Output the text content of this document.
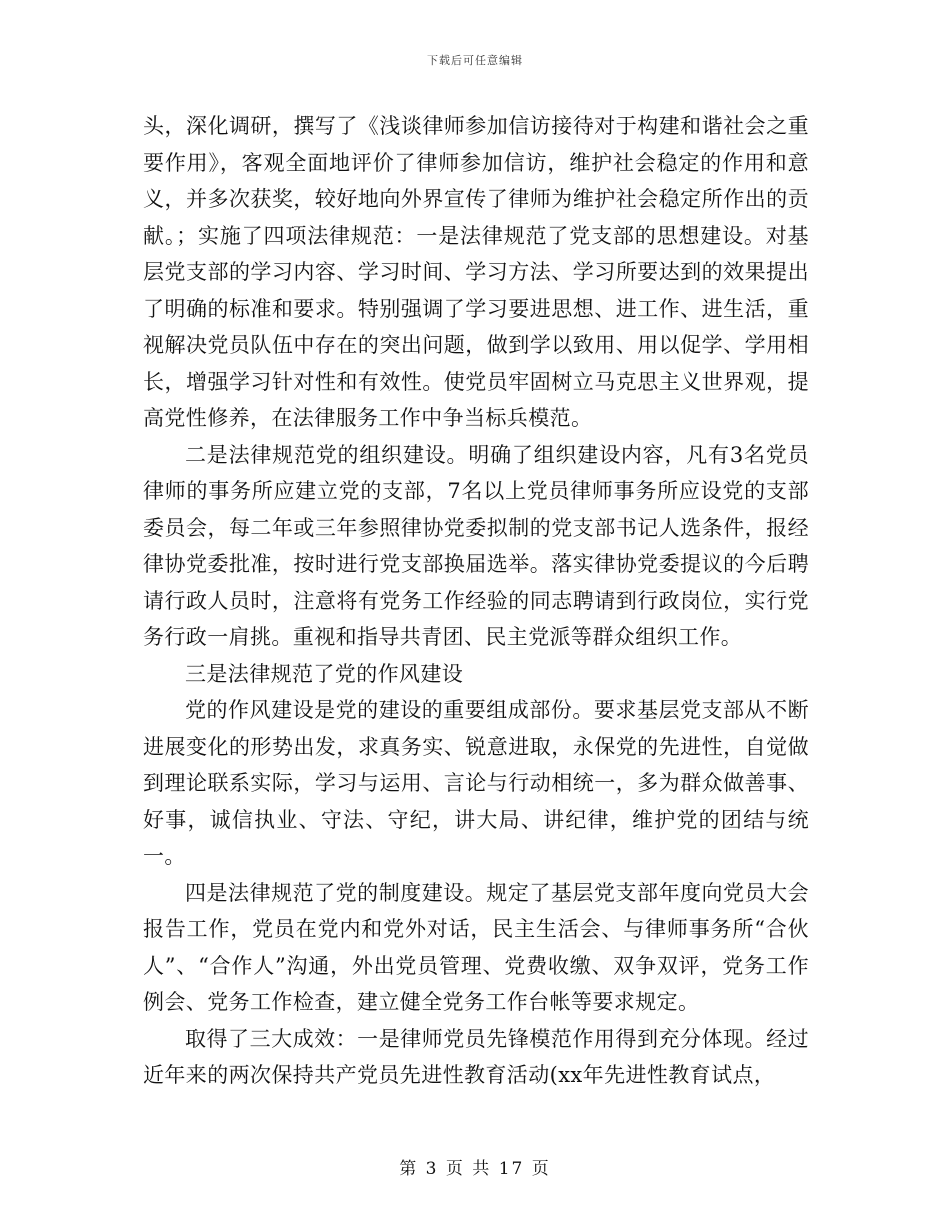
下载后可任意编辑

头，深化调研，撰写了《浅谈律师参加信访接待对于构建和谐社会之重要作用》，客观全面地评价了律师参加信访，维护社会稳定的作用和意义，并多次获奖，较好地向外界宣传了律师为维护社会稳定所作出的贡献。；实施了四项法律规范：一是法律规范了党支部的思想建设。对基层党支部的学习内容、学习时间、学习方法、学习所要达到的效果提出了明确的标准和要求。特别强调了学习要进思想、进工作、进生活，重视解决党员队伍中存在的突出问题，做到学以致用、用以促学、学用相长，增强学习针对性和有效性。使党员牢固树立马克思主义世界观，提高党性修养，在法律服务工作中争当标兵模范。

二是法律规范党的组织建设。明确了组织建设内容，凡有3名党员律师的事务所应建立党的支部，7名以上党员律师事务所应设党的支部委员会，每二年或三年参照律协党委拟制的党支部书记人选条件，报经律协党委批准，按时进行党支部换届选举。落实律协党委提议的今后聘请行政人员时，注意将有党务工作经验的同志聘请到行政岗位，实行党务行政一肩挑。重视和指导共青团、民主党派等群众组织工作。

三是法律规范了党的作风建设

党的作风建设是党的建设的重要组成部份。要求基层党支部从不断进展变化的形势出发，求真务实、锐意进取，永保党的先进性，自觉做到理论联系实际，学习与运用、言论与行动相统一，多为群众做善事、好事，诚信执业、守法、守纪，讲大局、讲纪律，维护党的团结与统一。

四是法律规范了党的制度建设。规定了基层党支部年度向党员大会报告工作，党员在党内和党外对话，民主生活会、与律师事务所“合伙人”、“合作人”沟通，外出党员管理、党费收缴、双争双评，党务工作例会、党务工作检查，建立健全党务工作台帐等要求规定。

取得了三大成效：一是律师党员先锋模范作用得到充分体现。经过近年来的两次保持共产党员先进性教育活动(xx年先进性教育试点，

第 3 页 共 17 页
